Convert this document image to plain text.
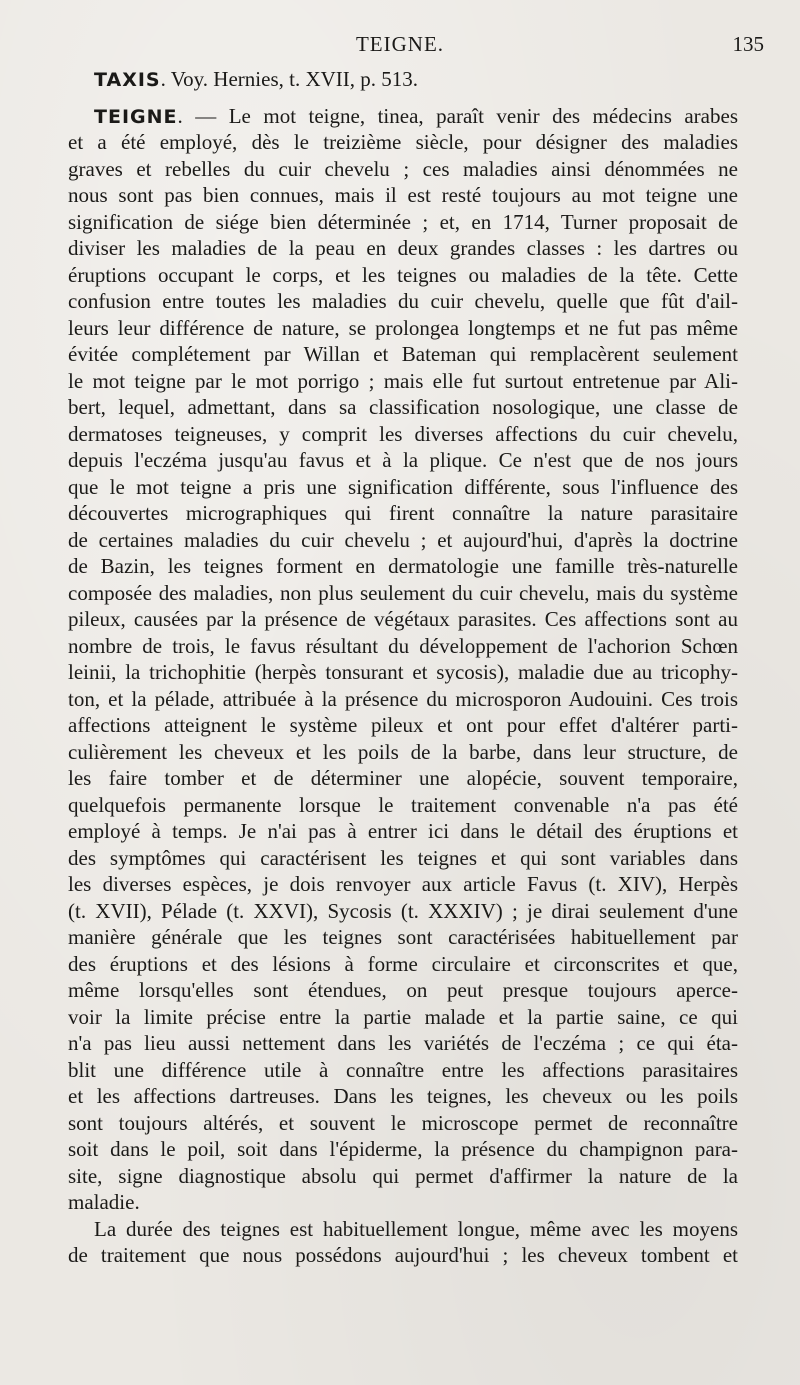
TEIGNE.	135
TAXIS. Voy. Hernies, t. XVII, p. 513.
TEIGNE. — Le mot teigne, tinea, paraît venir des médecins arabes
et a été employé, dès le treizième siècle, pour désigner des maladies
graves et rebelles du cuir chevelu ; ces maladies ainsi dénommées ne
nous sont pas bien connues, mais il est resté toujours au mot teigne une
signification de siége bien déterminée ; et, en 1714, Turner proposait de
diviser les maladies de la peau en deux grandes classes : les dartres ou
éruptions occupant le corps, et les teignes ou maladies de la tête. Cette
confusion entre toutes les maladies du cuir chevelu, quelle que fût d'ail-
leurs leur différence de nature, se prolongea longtemps et ne fut pas même
évitée complétement par Willan et Bateman qui remplacèrent seulement
le mot teigne par le mot porrigo ; mais elle fut surtout entretenue par Ali-
bert, lequel, admettant, dans sa classification nosologique, une classe de
dermatoses teigneuses, y comprit les diverses affections du cuir chevelu,
depuis l'eczéma jusqu'au favus et à la plique. Ce n'est que de nos jours
que le mot teigne a pris une signification différente, sous l'influence des
découvertes micrographiques qui firent connaître la nature parasitaire
de certaines maladies du cuir chevelu ; et aujourd'hui, d'après la doctrine
de Bazin, les teignes forment en dermatologie une famille très-naturelle
composée des maladies, non plus seulement du cuir chevelu, mais du système
pileux, causées par la présence de végétaux parasites. Ces affections sont au
nombre de trois, le favus résultant du développement de l'achorion Schœn
leinii, la trichophitie (herpès tonsurant et sycosis), maladie due au tricophy-
ton, et la pélade, attribuée à la présence du microsporon Audouini. Ces trois
affections atteignent le système pileux et ont pour effet d'altérer parti-
culièrement les cheveux et les poils de la barbe, dans leur structure, de
les faire tomber et de déterminer une alopécie, souvent temporaire,
quelquefois permanente lorsque le traitement convenable n'a pas été
employé à temps. Je n'ai pas à entrer ici dans le détail des éruptions et
des symptômes qui caractérisent les teignes et qui sont variables dans
les diverses espèces, je dois renvoyer aux article Favus (t. XIV), Herpès
(t. XVII), Pélade (t. XXVI), Sycosis (t. XXXIV) ; je dirai seulement d'une
manière générale que les teignes sont caractérisées habituellement par
des éruptions et des lésions à forme circulaire et circonscrites et que,
même lorsqu'elles sont étendues, on peut presque toujours aperce-
voir la limite précise entre la partie malade et la partie saine, ce qui
n'a pas lieu aussi nettement dans les variétés de l'eczéma ; ce qui éta-
blit une différence utile à connaître entre les affections parasitaires
et les affections dartreuses. Dans les teignes, les cheveux ou les poils
sont toujours altérés, et souvent le microscope permet de reconnaître
soit dans le poil, soit dans l'épiderme, la présence du champignon para-
site, signe diagnostique absolu qui permet d'affirmer la nature de la
maladie.
La durée des teignes est habituellement longue, même avec les moyens
de traitement que nous possédons aujourd'hui ; les cheveux tombent et
